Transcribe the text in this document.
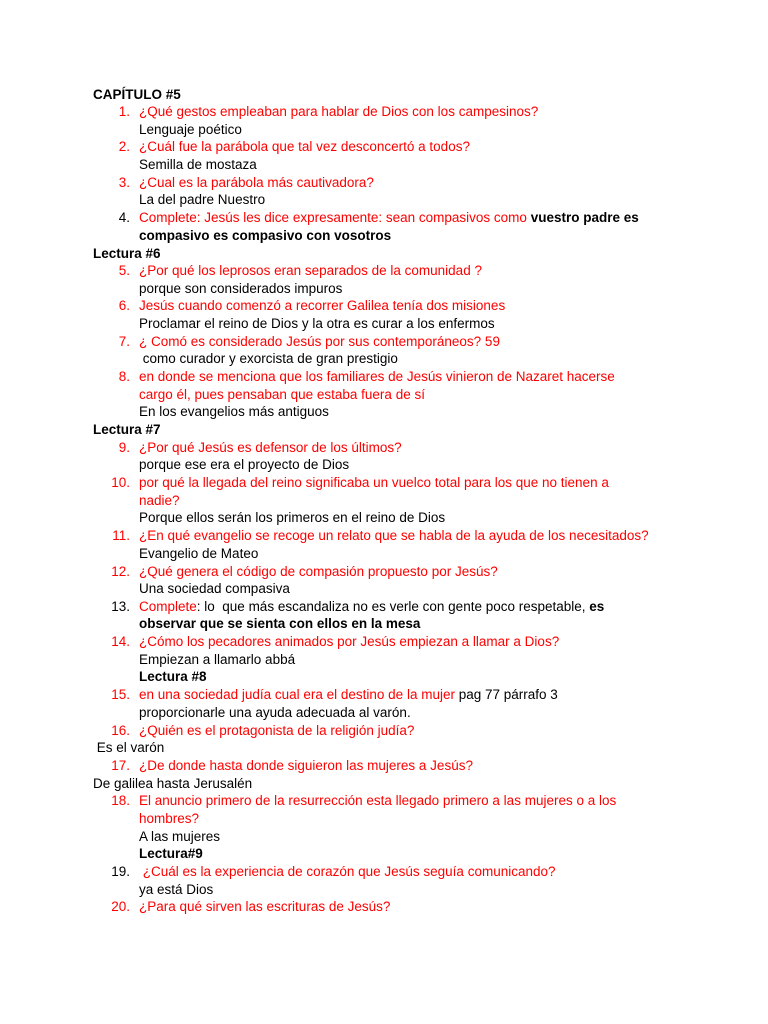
CAPÍTULO #5
1. ¿Qué gestos empleaban para hablar de Dios con los campesinos?
Lenguaje poético
2. ¿Cuál fue la parábola que tal vez desconcertó a todos?
Semilla de mostaza
3. ¿Cual es la parábola más cautivadora?
La del padre Nuestro
4. Complete: Jesús les dice expresamente: sean compasivos como vuestro padre es
compasivo es compasivo con vosotros
Lectura #6
5. ¿Por qué los leprosos eran separados de la comunidad ?
porque son considerados impuros
6. Jesús cuando comenzó a recorrer Galilea tenía dos misiones
Proclamar el reino de Dios y la otra es curar a los enfermos
7. ¿ Comó es considerado Jesús por sus contemporáneos? 59
como curador y exorcista de gran prestigio
8. en donde se menciona que los familiares de Jesús vinieron de Nazaret hacerse
cargo él, pues pensaban que estaba fuera de sí
En los evangelios más antiguos
Lectura #7
9. ¿Por qué Jesús es defensor de los últimos?
porque ese era el proyecto de Dios
10. por qué la llegada del reino significaba un vuelco total para los que no tienen a
nadie?
Porque ellos serán los primeros en el reino de Dios
11. ¿En qué evangelio se recoge un relato que se habla de la ayuda de los necesitados?
Evangelio de Mateo
12. ¿Qué genera el código de compasión propuesto por Jesús?
Una sociedad compasiva
13. Complete: lo  que más escandaliza no es verle con gente poco respetable, es
observar que se sienta con ellos en la mesa
14. ¿Cómo los pecadores animados por Jesús empiezan a llamar a Dios?
Empiezan a llamarlo abbá
Lectura #8
15. en una sociedad judía cual era el destino de la mujer pag 77 párrafo 3
proporcionarle una ayuda adecuada al varón.
16. ¿Quién es el protagonista de la religión judía?
Es el varón
17. ¿De donde hasta donde siguieron las mujeres a Jesús?
De galilea hasta Jerusalén
18. El anuncio primero de la resurrección esta llegado primero a las mujeres o a los
hombres?
A las mujeres
Lectura#9
19. ¿Cuál es la experiencia de corazón que Jesús seguía comunicando?
ya está Dios
20. ¿Para qué sirven las escrituras de Jesús?
